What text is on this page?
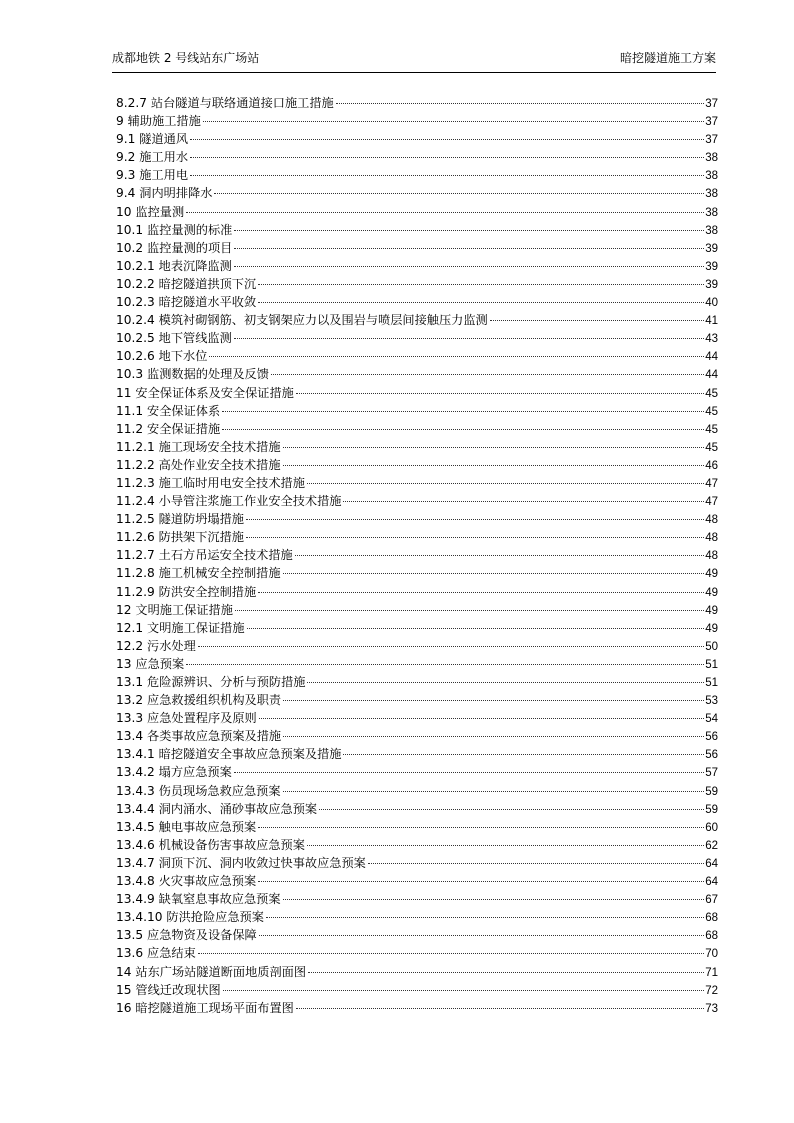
成都地铁 2 号线站东广场站	暗挖隧道施工方案
8.2.7 站台隧道与联络通道接口施工措施	37
9 辅助施工措施	37
9.1 隧道通风	37
9.2 施工用水	38
9.3 施工用电	38
9.4 洞内明排降水	38
10 监控量测	38
10.1 监控量测的标准	38
10.2 监控量测的项目	39
10.2.1 地表沉降监测	39
10.2.2 暗挖隧道拱顶下沉	39
10.2.3 暗挖隧道水平收敛	40
10.2.4 模筑衬砌钢筋、初支钢架应力以及围岩与喷层间接触压力监测	41
10.2.5 地下管线监测	43
10.2.6 地下水位	44
10.3 监测数据的处理及反馈	44
11 安全保证体系及安全保证措施	45
11.1 安全保证体系	45
11.2 安全保证措施	45
11.2.1 施工现场安全技术措施	45
11.2.2 高处作业安全技术措施	46
11.2.3 施工临时用电安全技术措施	47
11.2.4 小导管注浆施工作业安全技术措施	47
11.2.5 隧道防坍塌措施	48
11.2.6 防拱架下沉措施	48
11.2.7 土石方吊运安全技术措施	48
11.2.8 施工机械安全控制措施	49
11.2.9 防洪安全控制措施	49
12 文明施工保证措施	49
12.1 文明施工保证措施	49
12.2 污水处理	50
13 应急预案	51
13.1 危险源辨识、分析与预防措施	51
13.2 应急救援组织机构及职责	53
13.3 应急处置程序及原则	54
13.4 各类事故应急预案及措施	56
13.4.1 暗挖隧道安全事故应急预案及措施	56
13.4.2 塌方应急预案	57
13.4.3 伤员现场急救应急预案	59
13.4.4 洞内涌水、涌砂事故应急预案	59
13.4.5 触电事故应急预案	60
13.4.6 机械设备伤害事故应急预案	62
13.4.7 洞顶下沉、洞内收敛过快事故应急预案	64
13.4.8 火灾事故应急预案	64
13.4.9 缺氧窒息事故应急预案	67
13.4.10 防洪抢险应急预案	68
13.5 应急物资及设备保障	68
13.6 应急结束	70
14 站东广场站隧道断面地质剖面图	71
15 管线迁改现状图	72
16 暗挖隧道施工现场平面布置图	73
